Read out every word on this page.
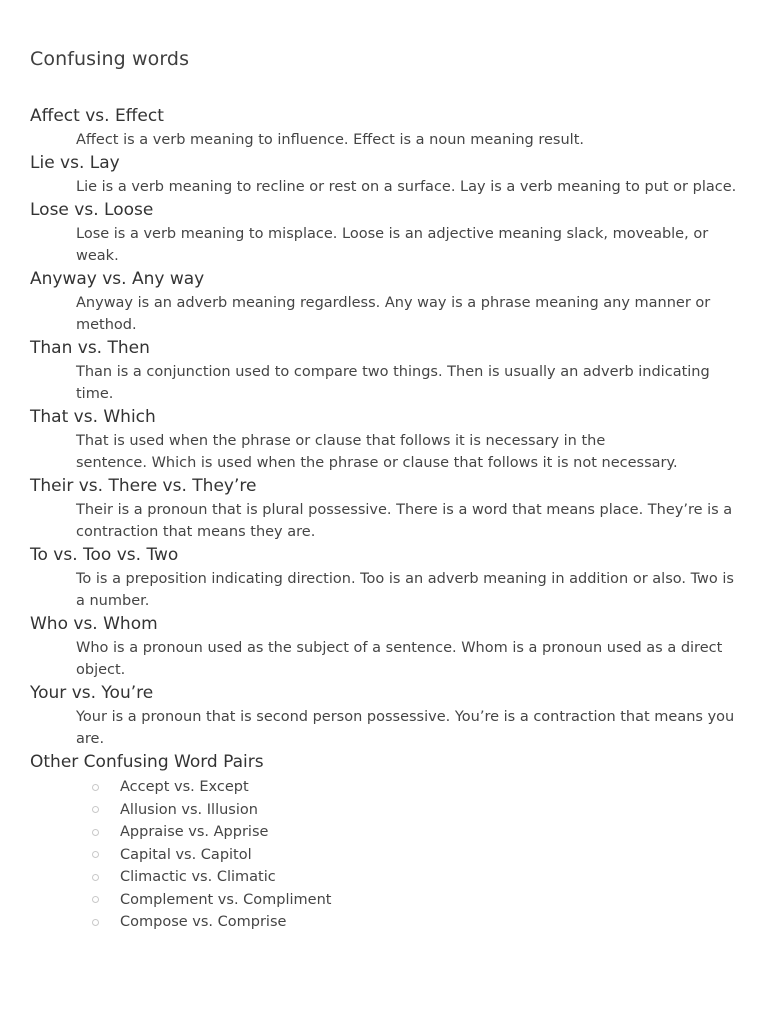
Confusing words
Affect vs. Effect

Affect is a verb meaning to influence. Effect is a noun meaning result.

Lie vs. Lay

Lie is a verb meaning to recline or rest on a surface. Lay is a verb meaning to put or place.

Lose vs. Loose

Lose is a verb meaning to misplace. Loose is an adjective meaning slack, moveable, or weak.

Anyway vs. Any way

Anyway is an adverb meaning regardless. Any way is a phrase meaning any manner or method.

Than vs. Then

Than is a conjunction used to compare two things. Then is usually an adverb indicating time.

That vs. Which

That is used when the phrase or clause that follows it is necessary in the
sentence. Which is used when the phrase or clause that follows it is not necessary.

Their vs. There vs. They’re

Their is a pronoun that is plural possessive. There is a word that means place. They’re is a contraction that means they are.

To vs. Too vs. Two

To is a preposition indicating direction. Too is an adverb meaning in addition or also. Two is a number.

Who vs. Whom

Who is a pronoun used as the subject of a sentence. Whom is a pronoun used as a direct object.

Your vs. You’re

Your is a pronoun that is second person possessive. You’re is a contraction that means you are.

Other Confusing Word Pairs
Accept vs. Except
Allusion vs. Illusion
Appraise vs. Apprise
Capital vs. Capitol
Climactic vs. Climatic
Complement vs. Compliment
Compose vs. Comprise
